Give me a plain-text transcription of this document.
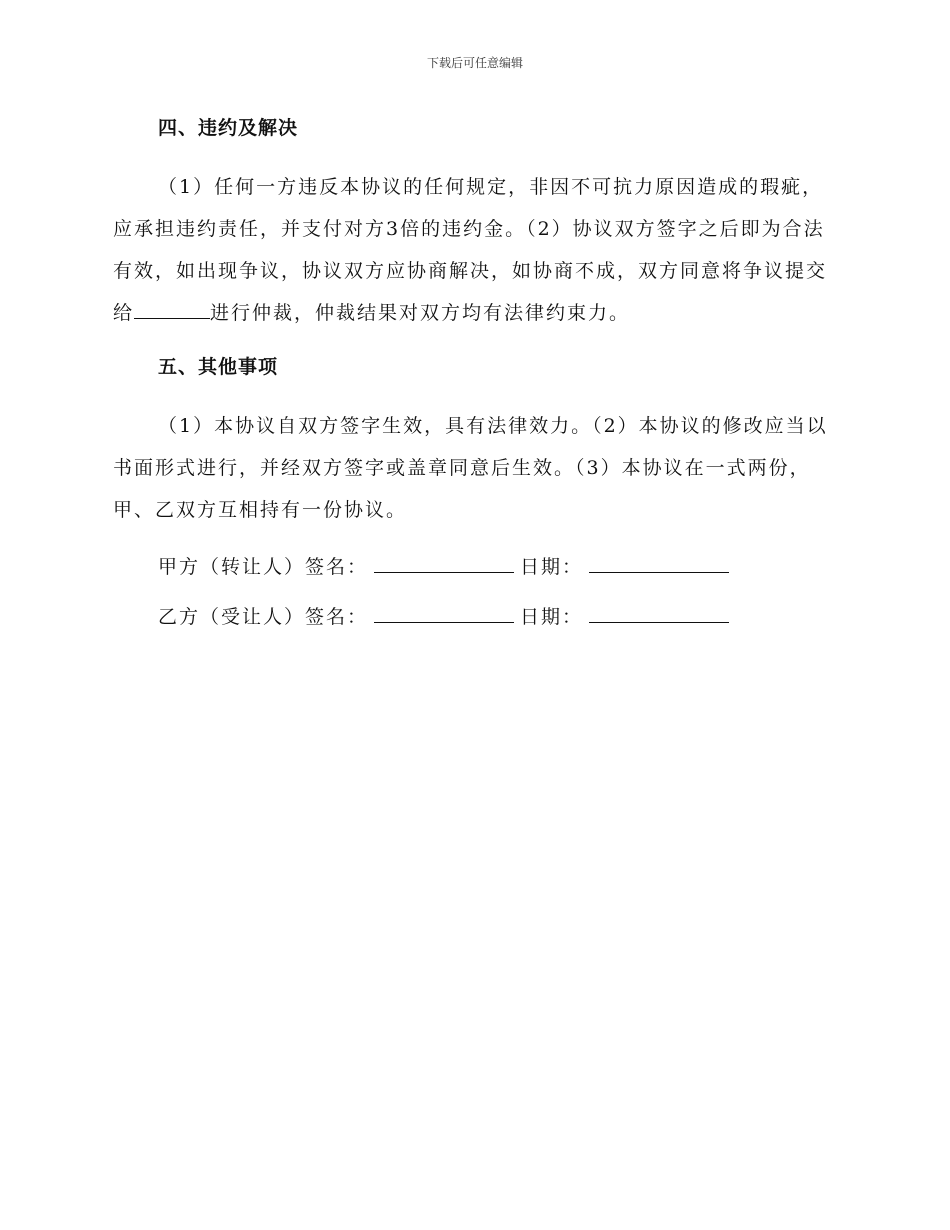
下载后可任意编辑
四、违约及解决

（1）任何一方违反本协议的任何规定，非因不可抗力原因造成的瑕疵，应承担违约责任，并支付对方3倍的违约金。（2）协议双方签字之后即为合法有效，如出现争议，协议双方应协商解决，如协商不成，双方同意将争议提交给	进行仲裁，仲裁结果对双方均有法律约束力。

五、其他事项

（1）本协议自双方签字生效，具有法律效力。（2）本协议的修改应当以书面形式进行，并经双方签字或盖章同意后生效。（3）本协议在一式两份，甲、乙双方互相持有一份协议。

甲方（转让人）签名：	日期：
乙方（受让人）签名：	日期：
